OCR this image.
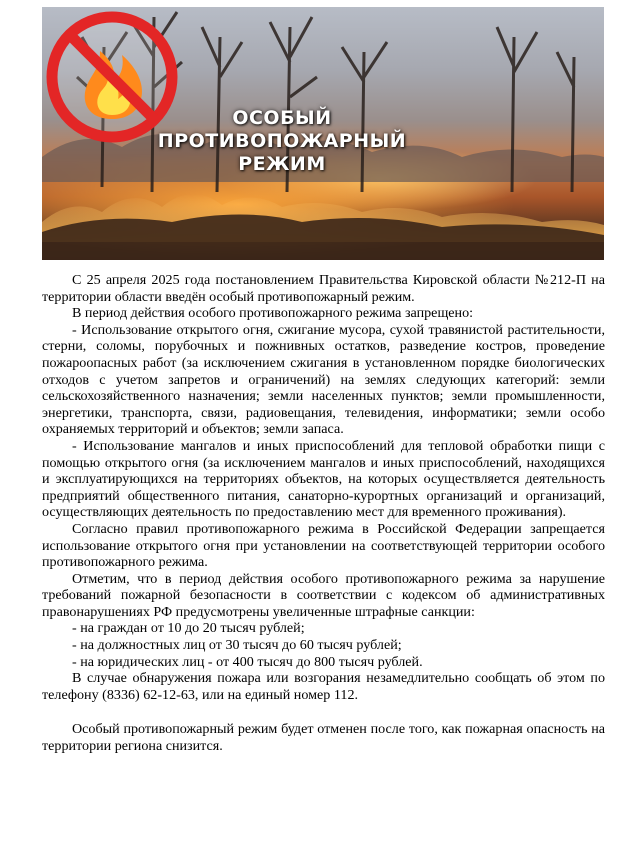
ОСОБЫЙ
ПРОТИВОПОЖАРНЫЙ
РЕЖИМ

С 25 апреля 2025 года постановлением Правительства Кировской области №212-П на территории области введён особый противопожарный режим.

В период действия особого противопожарного режима запрещено:

- Использование открытого огня, сжигание мусора, сухой травянистой растительности, стерни, соломы, порубочных и пожнивных остатков, разведение костров, проведение пожароопасных работ (за исключением сжигания в установленном порядке биологических отходов с учетом запретов и ограничений) на землях следующих категорий: земли сельскохозяйственного назначения; земли населенных пунктов; земли промышленности, энергетики, транспорта, связи, радиовещания, телевидения, информатики; земли особо охраняемых территорий и объектов; земли запаса.

- Использование мангалов и иных приспособлений для тепловой обработки пищи с помощью открытого огня (за исключением мангалов и иных приспособлений, находящихся и эксплуатирующихся на территориях объектов, на которых осуществляется деятельность предприятий общественного питания, санаторно-курортных организаций и организаций, осуществляющих деятельность по предоставлению мест для временного проживания).

Согласно правил противопожарного режима в Российской Федерации запрещается использование открытого огня при установлении на соответствующей территории особого противопожарного режима.

Отметим, что в период действия особого противопожарного режима за нарушение требований пожарной безопасности в соответствии с кодексом об административных правонарушениях РФ предусмотрены увеличенные штрафные санкции:

- на граждан от 10 до 20 тысяч рублей;

- на должностных лиц от 30 тысяч до 60 тысяч рублей;

- на юридических лиц - от 400 тысяч до 800 тысяч рублей.

В случае обнаружения пожара или возгорания незамедлительно сообщать об этом по телефону (8336) 62-12-63, или на единый номер 112.

Особый противопожарный режим будет отменен после того, как пожарная опасность на территории региона снизится.
